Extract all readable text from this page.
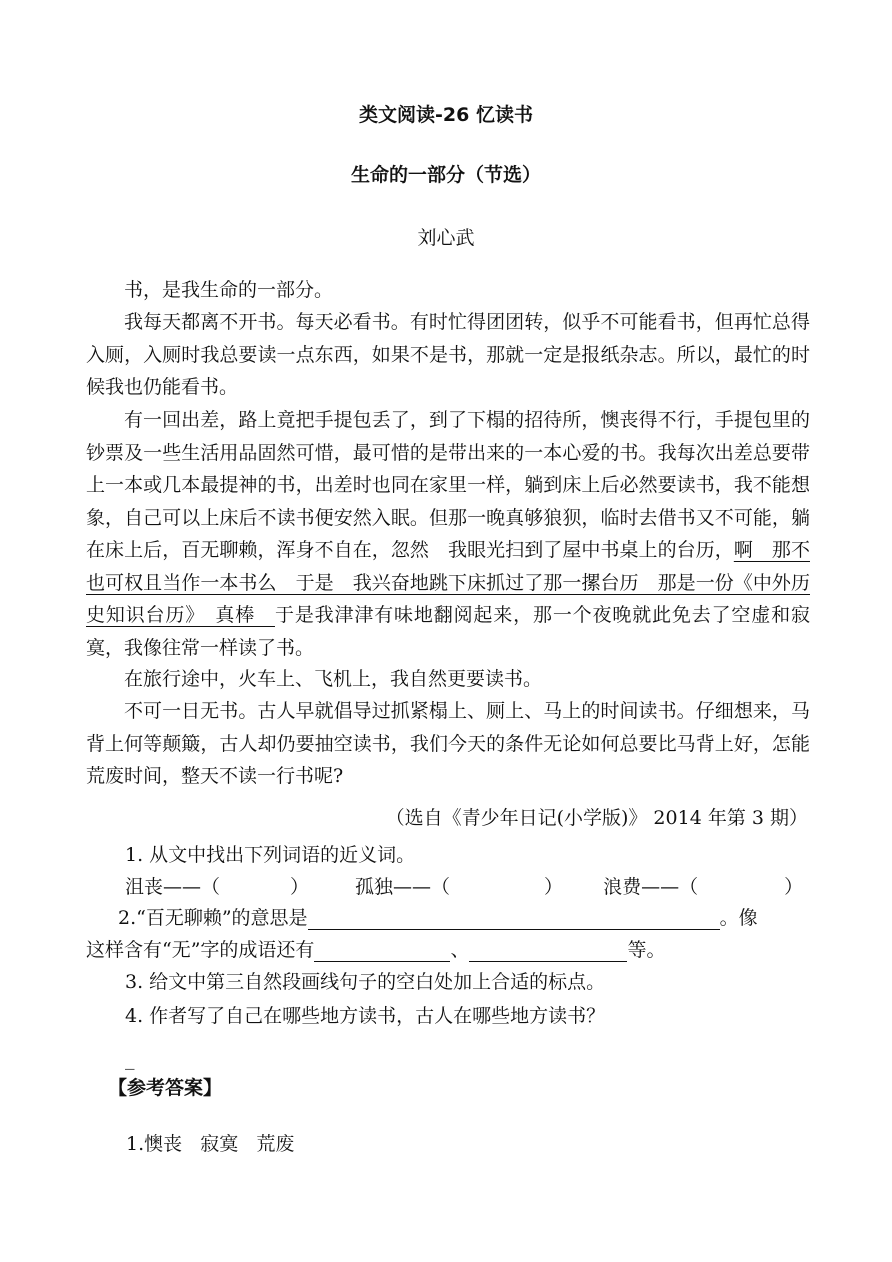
类文阅读-26 忆读书
生命的一部分（节选）
刘心武
书，是我生命的一部分。
我每天都离不开书。每天必看书。有时忙得团团转，似乎不可能看书，但再忙总得入厕，入厕时我总要读一点东西，如果不是书，那就一定是报纸杂志。所以，最忙的时候我也仍能看书。
有一回出差，路上竟把手提包丢了，到了下榻的招待所，懊丧得不行，手提包里的钞票及一些生活用品固然可惜，最可惜的是带出来的一本心爱的书。我每次出差总要带上一本或几本最提神的书，出差时也同在家里一样，躺到床上后必然要读书，我不能想象，自己可以上床后不读书便安然入眠。但那一晚真够狼狈，临时去借书又不可能，躺在床上后，百无聊赖，浑身不自在，忽然　我眼光扫到了屋中书桌上的台历，啊　那不也可权且当作一本书么　于是　我兴奋地跳下床抓过了那一摞台历　那是一份《中外历史知识台历》　真棒　于是我津津有味地翻阅起来，那一个夜晚就此免去了空虚和寂寞，我像往常一样读了书。
在旅行途中，火车上、飞机上，我自然更要读书。
不可一日无书。古人早就倡导过抓紧榻上、厕上、马上的时间读书。仔细想来，马背上何等颠簸，古人却仍要抽空读书，我们今天的条件无论如何总要比马背上好，怎能荒废时间，整天不读一行书呢?
（选自《青少年日记(小学版)》 2014 年第 3 期）
1. 从文中找出下列词语的近义词。
沮丧——（	） 孤独——（	） 浪费——（	）
2.“百无聊赖”的意思是	。像
这样含有“无”字的成语还有	、	等。
3. 给文中第三自然段画线句子的空白处加上合适的标点。
4. 作者写了自己在哪些地方读书，古人在哪些地方读书？
_
【参考答案】
1.懊丧 寂寞 荒废
